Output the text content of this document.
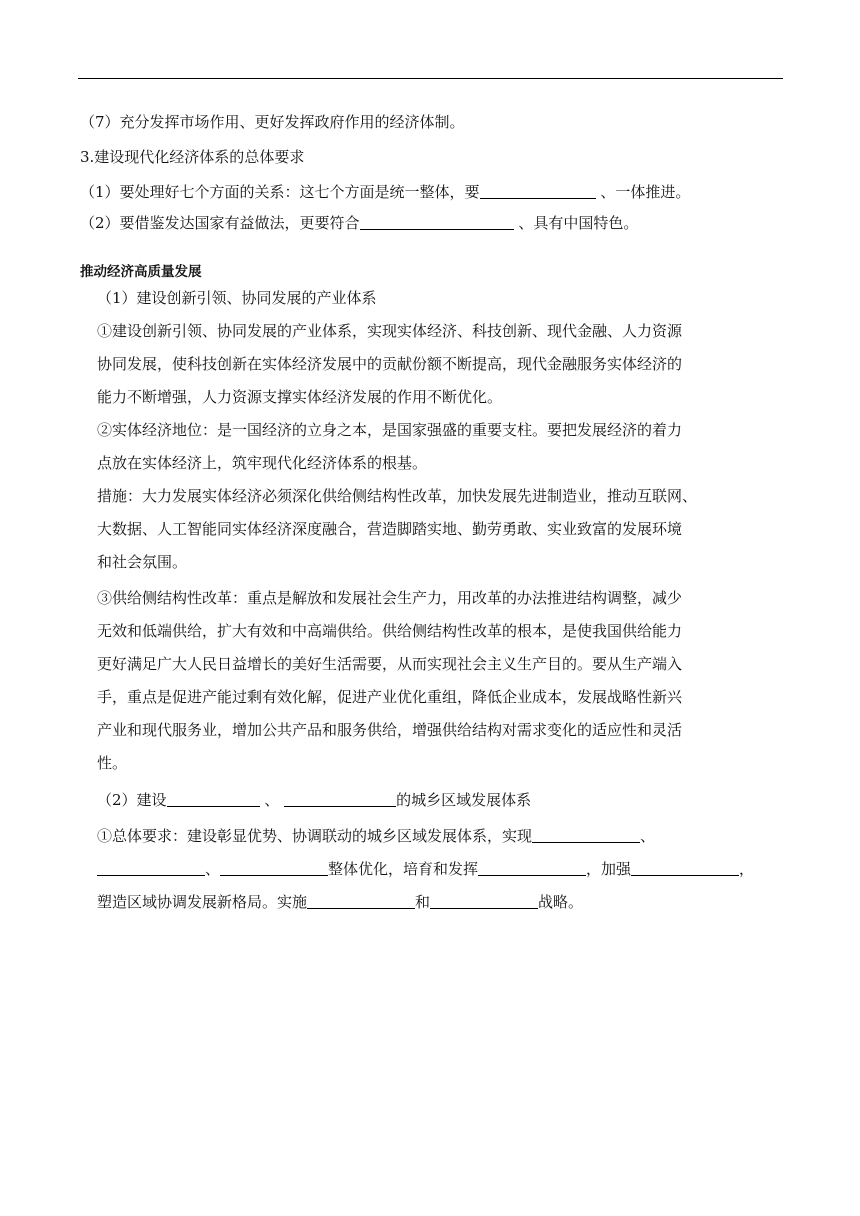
（7）充分发挥市场作用、更好发挥政府作用的经济体制。
3.建设现代化经济体系的总体要求
（1）要处理好七个方面的关系：这七个方面是统一整体，要	、一体推进。
（2）要借鉴发达国家有益做法，更要符合	、具有中国特色。
推动经济高质量发展
（1）建设创新引领、协同发展的产业体系
①建设创新引领、协同发展的产业体系，实现实体经济、科技创新、现代金融、人力资源
协同发展，使科技创新在实体经济发展中的贡献份额不断提高，现代金融服务实体经济的
能力不断增强，人力资源支撑实体经济发展的作用不断优化。
②实体经济地位：是一国经济的立身之本，是国家强盛的重要支柱。要把发展经济的着力
点放在实体经济上，筑牢现代化经济体系的根基。
措施：大力发展实体经济必须深化供给侧结构性改革，加快发展先进制造业，推动互联网、
大数据、人工智能同实体经济深度融合，营造脚踏实地、勤劳勇敢、实业致富的发展环境
和社会氛围。
③供给侧结构性改革：重点是解放和发展社会生产力，用改革的办法推进结构调整，减少
无效和低端供给，扩大有效和中高端供给。供给侧结构性改革的根本，是使我国供给能力
更好满足广大人民日益增长的美好生活需要，从而实现社会主义生产目的。要从生产端入
手，重点是促进产能过剩有效化解，促进产业优化重组，降低企业成本，发展战略性新兴
产业和现代服务业，增加公共产品和服务供给，增强供给结构对需求变化的适应性和灵活
性。
（2）建设	、	的城乡区域发展体系
①总体要求：建设彰显优势、协调联动的城乡区域发展体系，实现	、
、	整体优化，培育和发挥	，加强	，
塑造区域协调发展新格局。实施	和	战略。
